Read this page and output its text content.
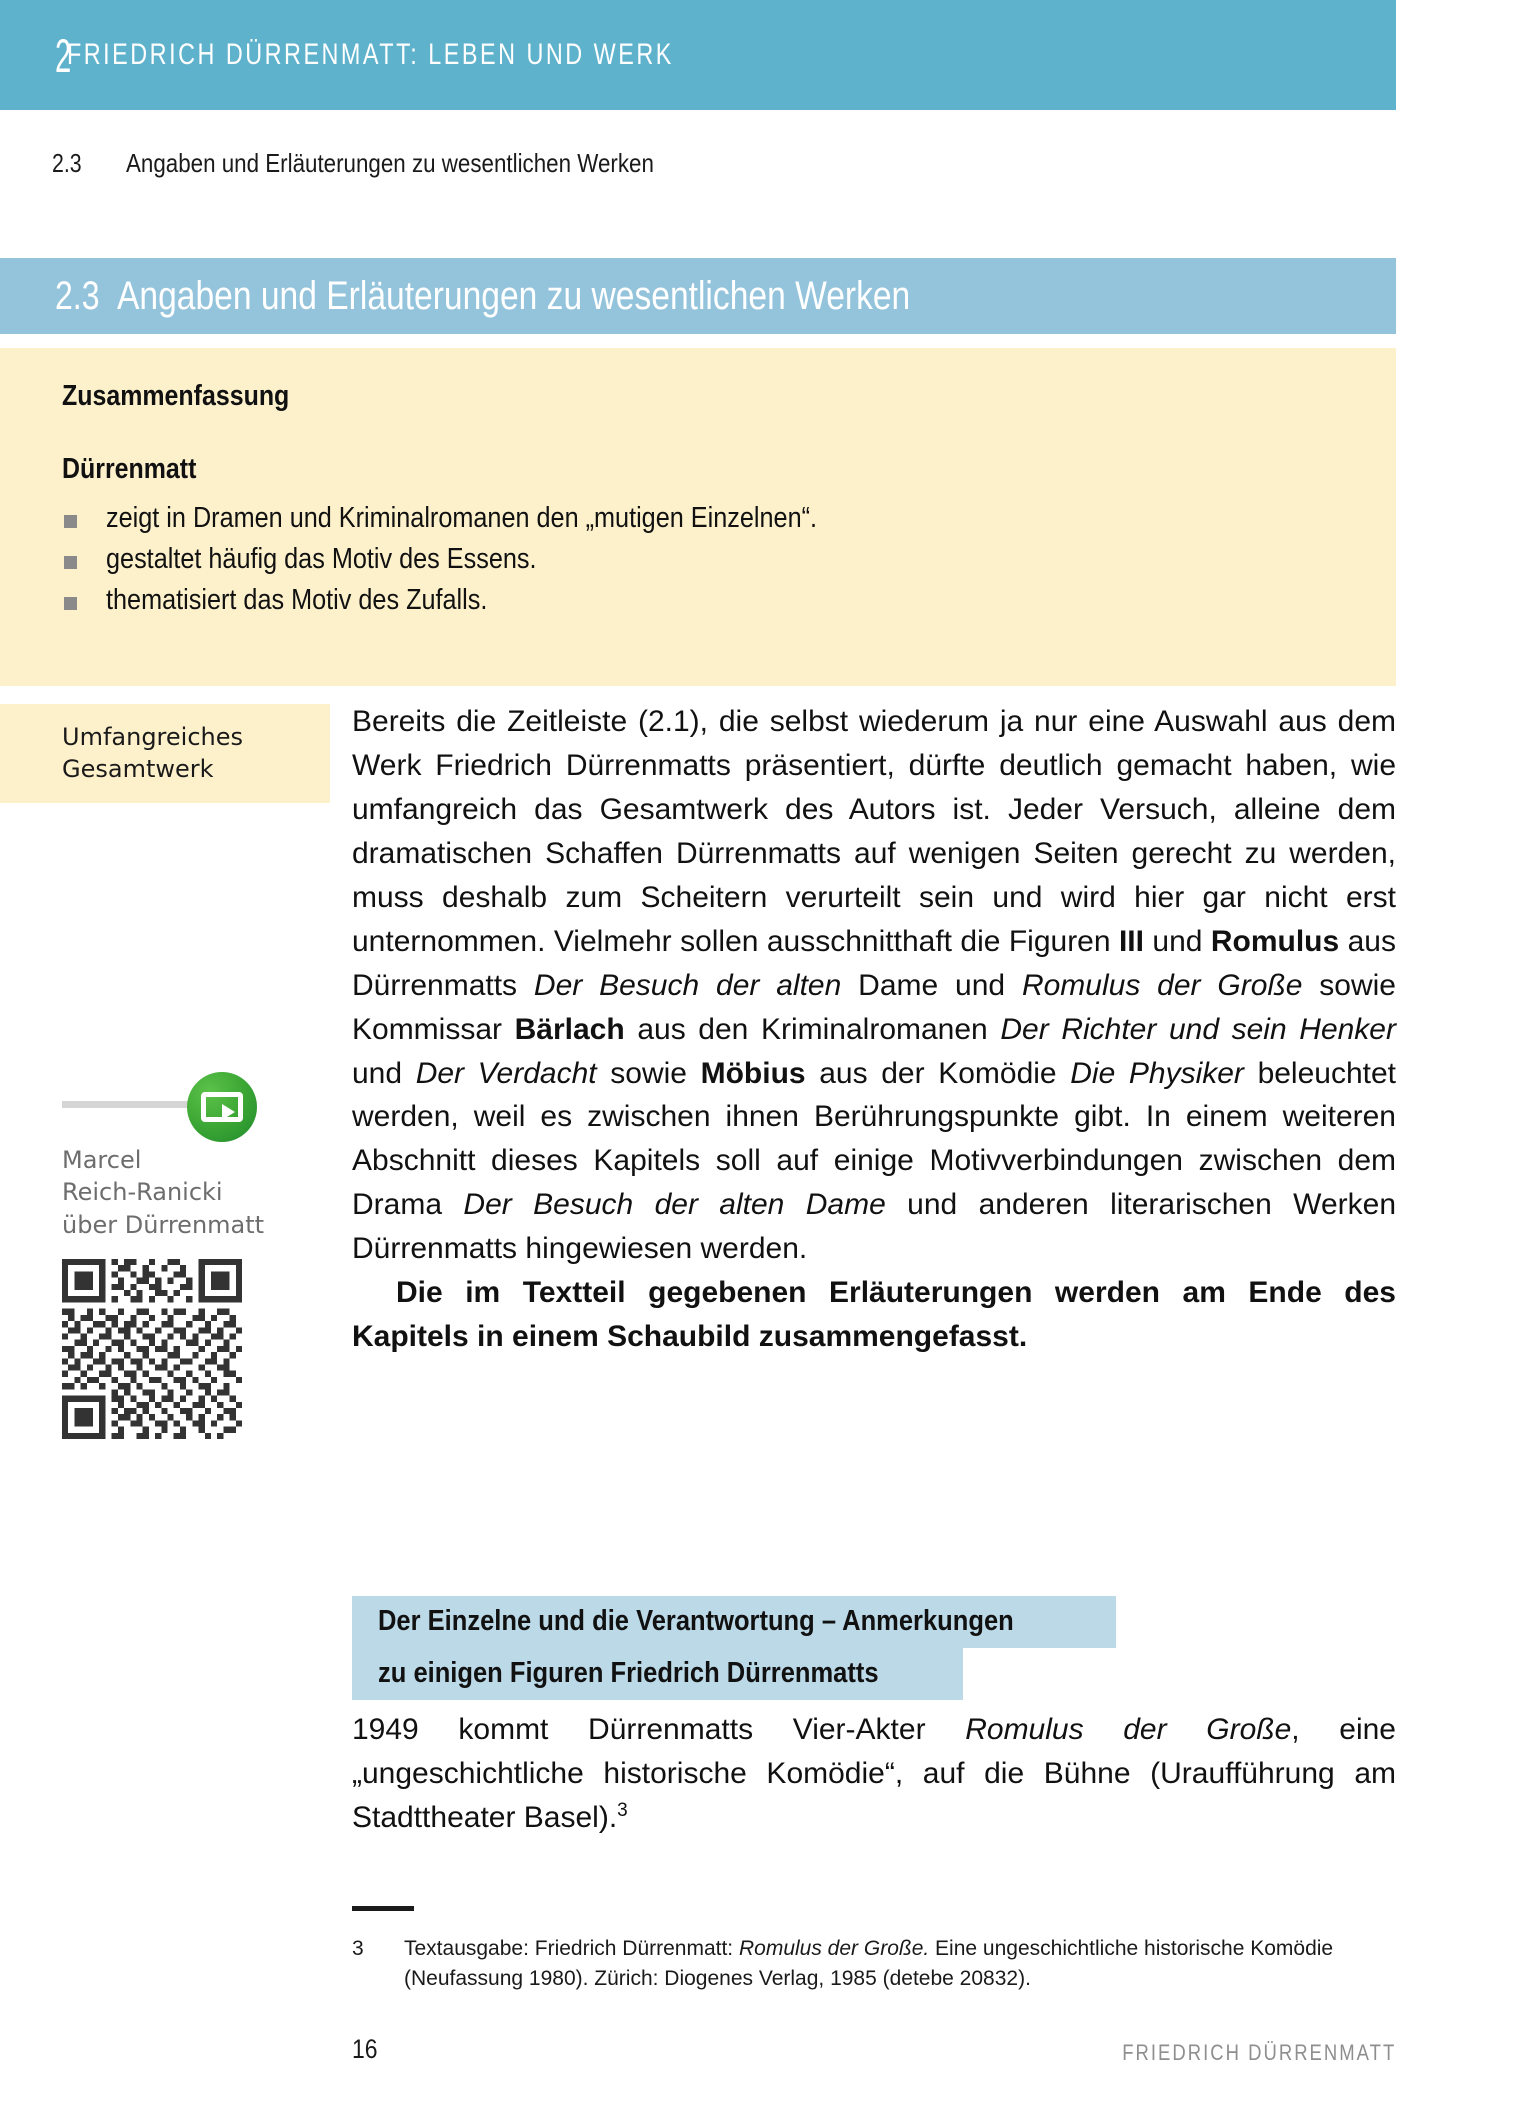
2
FRIEDRICH DÜRRENMATT: LEBEN UND WERK
2.3	Angaben und Erläuterungen zu wesentlichen Werken
2.3 Angaben und Erläuterungen zu wesentlichen Werken
Zusammenfassung
Dürrenmatt
zeigt in Dramen und Kriminalromanen den „mutigen Einzelnen“.
gestaltet häufig das Motiv des Essens.
thematisiert das Motiv des Zufalls.
Umfangreiches
Gesamtwerk
Marcel
Reich-Ranicki
über Dürrenmatt

Bereits die Zeitleiste (2.1), die selbst wiederum ja nur eine Auswahl aus dem Werk Friedrich Dürrenmatts präsentiert, dürfte deutlich gemacht haben, wie umfangreich das Gesamtwerk des Autors ist. Jeder Versuch, alleine dem dramatischen Schaffen Dürrenmatts auf wenigen Seiten gerecht zu werden, muss deshalb zum Scheitern verurteilt sein und wird hier gar nicht erst unternommen. Vielmehr sollen ausschnitthaft die Figuren III und Romulus aus Dürrenmatts Der Besuch der alten Dame und Romulus der Große sowie Kommissar Bärlach aus den Kriminalromanen Der Richter und sein Henker und Der Verdacht sowie Möbius aus der Komödie Die Physiker beleuchtet werden, weil es zwischen ihnen Berührungspunkte gibt. In einem weiteren Abschnitt dieses Kapitels soll auf einige Motivverbindungen zwischen dem Drama Der Besuch der alten Dame und anderen literarischen Werken Dürrenmatts hingewiesen werden.

Die im Textteil gegebenen Erläuterungen werden am Ende des Kapitels in einem Schaubild zusammengefasst.

Der Einzelne und die Verantwortung – Anmerkungen
zu einigen Figuren Friedrich Dürrenmatts

1949 kommt Dürrenmatts Vier-Akter Romulus der Große, eine „ungeschichtliche historische Komödie“, auf die Bühne (Uraufführung am Stadttheater Basel).$^3$

3	Textausgabe: Friedrich Dürrenmatt: Romulus der Große. Eine ungeschichtliche historische Komödie (Neufassung 1980). Zürich: Diogenes Verlag, 1985 (detebe 20832).
16	FRIEDRICH DÜRRENMATT
